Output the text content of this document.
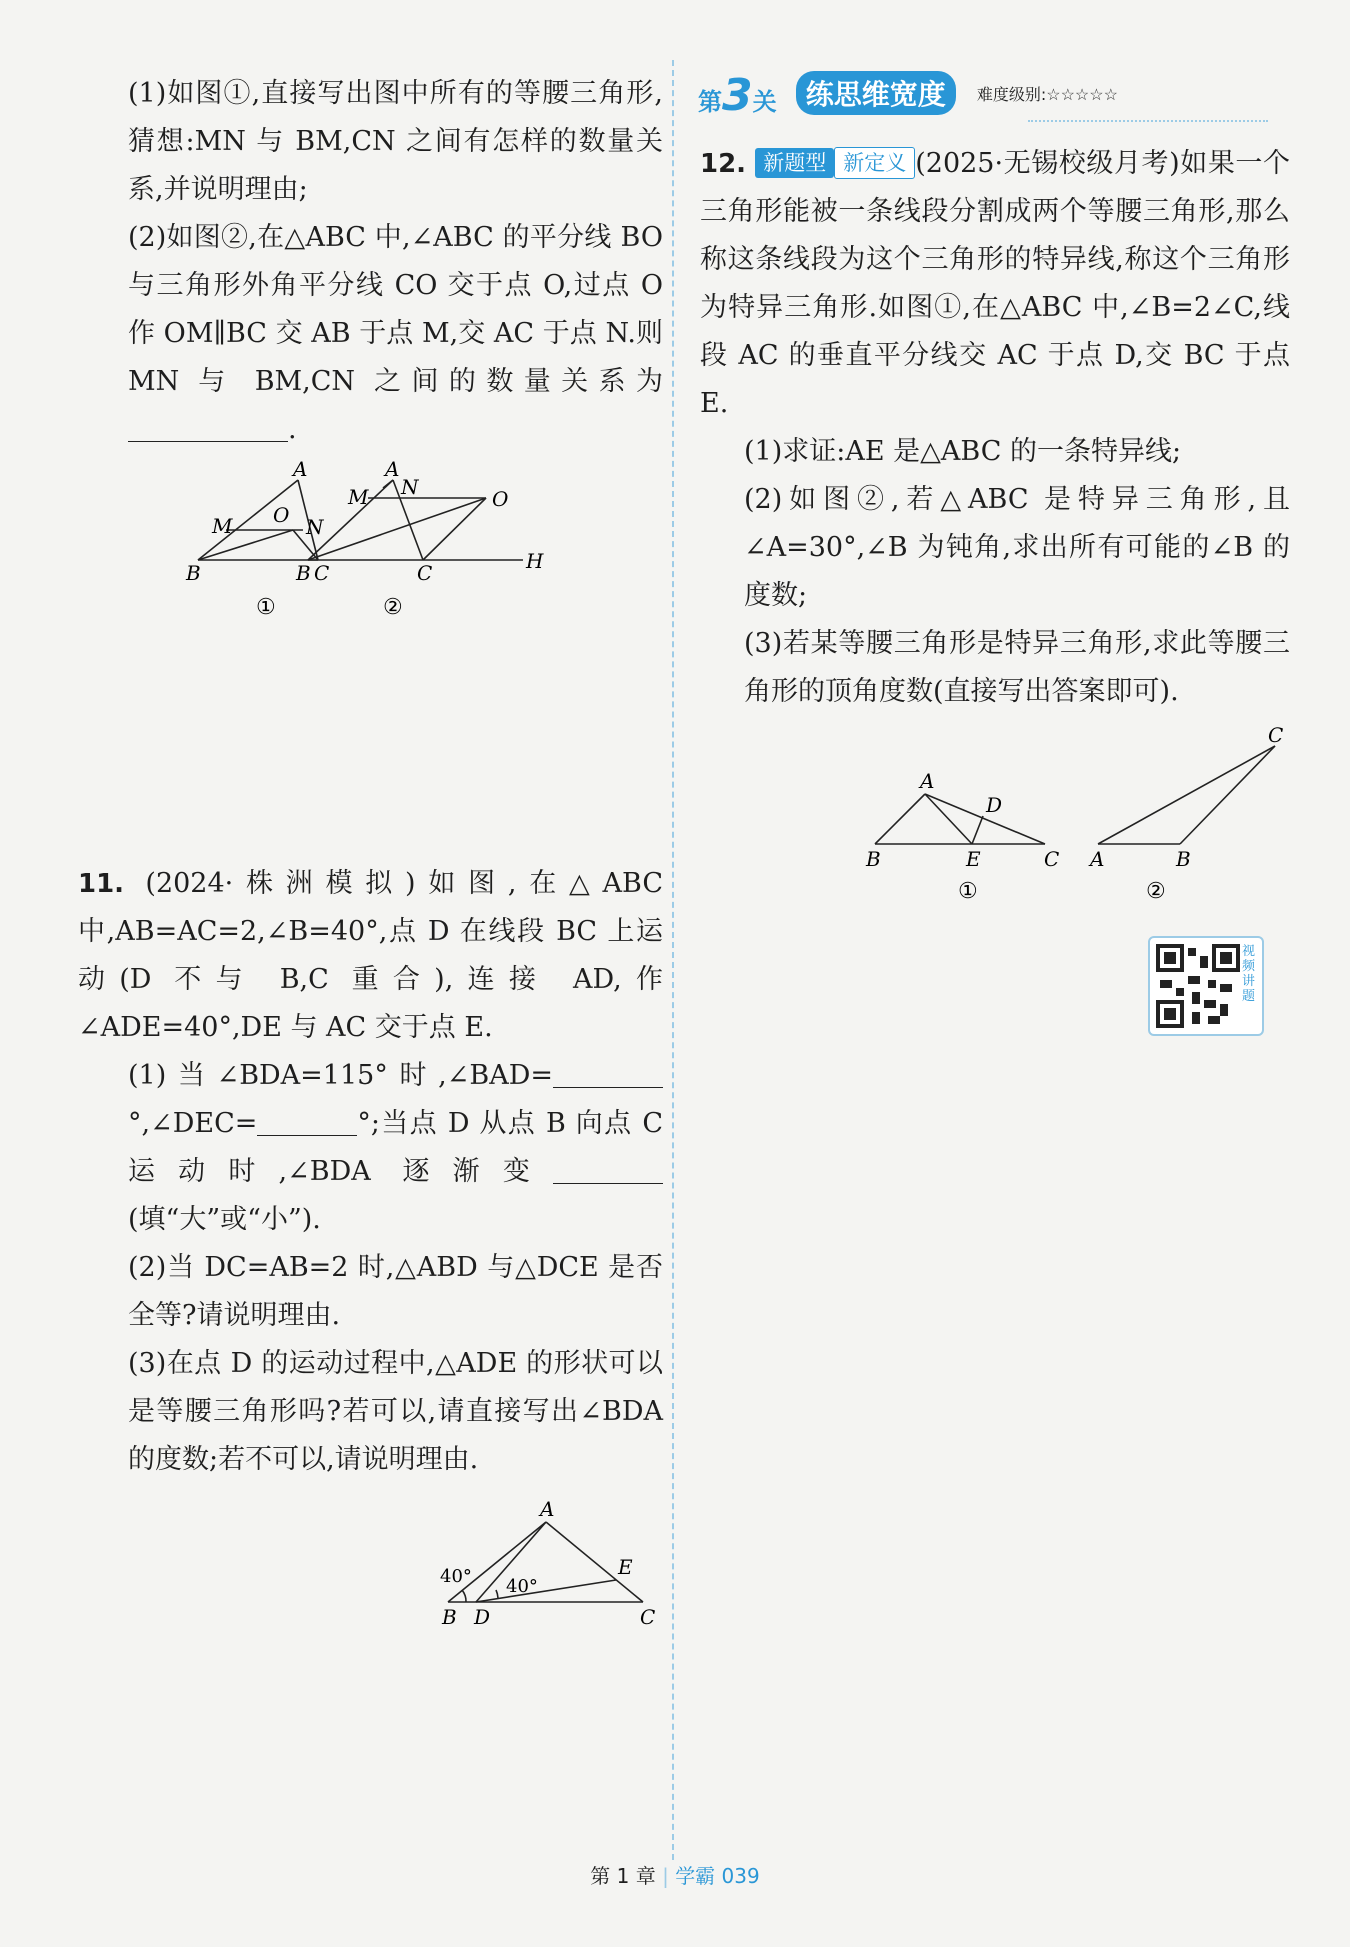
(1)如图①,直接写出图中所有的等腰三角形,猜想:MN 与 BM,CN 之间有怎样的数量关系,并说明理由;

(2)如图②,在△ABC 中,∠ABC 的平分线 BO 与三角形外角平分线 CO 交于点 O,过点 O 作 OM∥BC 交 AB 于点 M,交 AC 于点 N.则 MN 与 BM,CN 之间的数量关系为.

A
M O N
B	C
①
A
N
M	O
B	C	H
②

11. (2024·株洲模拟)如图,在△ABC 中,AB=AC=2,∠B=40°,点 D 在线段 BC 上运动(D 不与 B,C 重合),连接 AD,作∠ADE=40°,DE 与 AC 交于点 E.

(1)当∠BDA=115°时,∠BAD=°,∠DEC=	°;当点 D 从点 B 向点 C 运动时,∠BDA 逐渐变(填“大”或“小”).

(2)当 DC=AB=2 时,△ABD 与△DCE 是否全等?请说明理由.

(3)在点 D 的运动过程中,△ADE 的形状可以是等腰三角形吗?若可以,请直接写出∠BDA 的度数;若不可以,请说明理由.

A
B D	C
E
40° 40°
第3关 练思维宽度 难度级别:☆☆☆☆☆

12. 新题型 新定义 (2025·无锡校级月考)如果一个三角形能被一条线段分割成两个等腰三角形,那么称这条线段为这个三角形的特异线,称这个三角形为特异三角形.如图①,在△ABC 中,∠B=2∠C,线段 AC 的垂直平分线交 AC 于点 D,交 BC 于点 E.

(1)求证:AE 是△ABC 的一条特异线;

(2)如图②,若△ABC 是特异三角形,且∠A=30°,∠B 为钝角,求出所有可能的∠B 的度数;

(3)若某等腰三角形是特异三角形,求此等腰三角形的顶角度数(直接写出答案即可).

A
D
B	E	C
①
C
A	B
②
视频讲题
第 1 章 | 学霸 039
